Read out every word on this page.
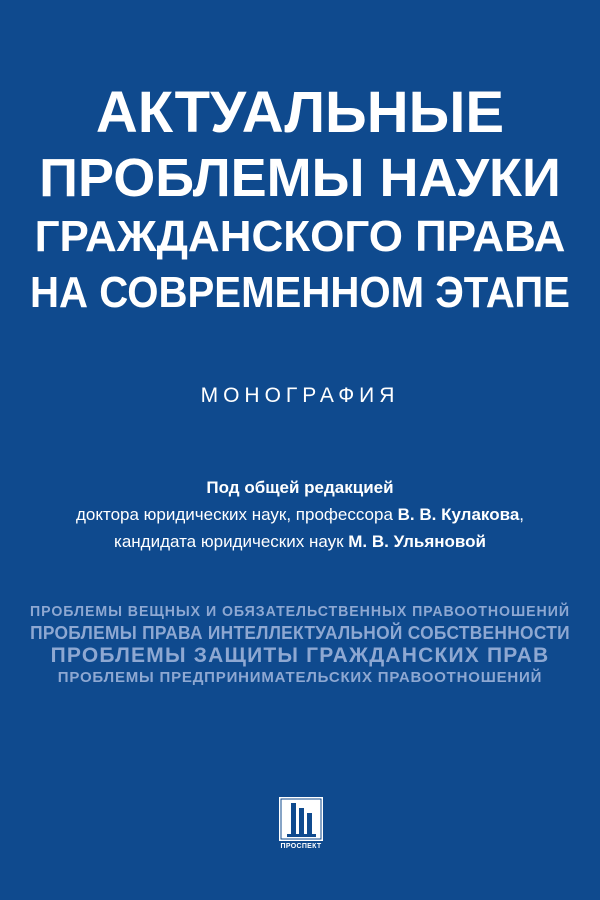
АКТУАЛЬНЫЕ
ПРОБЛЕМЫ НАУКИ
ГРАЖДАНСКОГО ПРАВА
НА СОВРЕМЕННОМ ЭТАПЕ
МОНОГРАФИЯ
Под общей редакцией
доктора юридических наук, профессора В. В. Кулакова,
кандидата юридических наук М. В. Ульяновой
ПРОБЛЕМЫ ВЕЩНЫХ И ОБЯЗАТЕЛЬСТВЕННЫХ ПРАВООТНОШЕНИЙ
ПРОБЛЕМЫ ПРАВА ИНТЕЛЛЕКТУАЛЬНОЙ СОБСТВЕННОСТИ
ПРОБЛЕМЫ ЗАЩИТЫ ГРАЖДАНСКИХ ПРАВ
ПРОБЛЕМЫ ПРЕДПРИНИМАТЕЛЬСКИХ ПРАВООТНОШЕНИЙ
ПРОСПЕКТ
